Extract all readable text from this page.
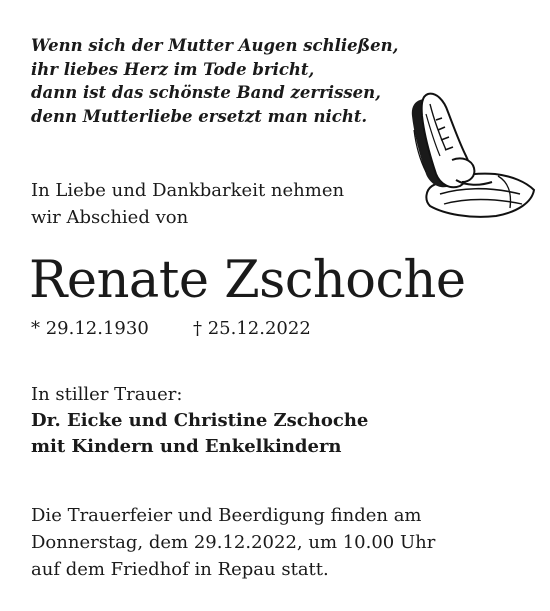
Wenn sich der Mutter Augen schließen,
ihr liebes Herz im Tode bricht,
dann ist das schönste Band zerrissen,
denn Mutterliebe ersetzt man nicht.
In Liebe und Dankbarkeit nehmen
wir Abschied von
Renate Zschoche
* 29.12.1930 † 25.12.2022
In stiller Trauer:
Dr. Eicke und Christine Zschoche
mit Kindern und Enkelkindern
Die Trauerfeier und Beerdigung finden am
Donnerstag, dem 29.12.2022, um 10.00 Uhr
auf dem Friedhof in Repau statt.
